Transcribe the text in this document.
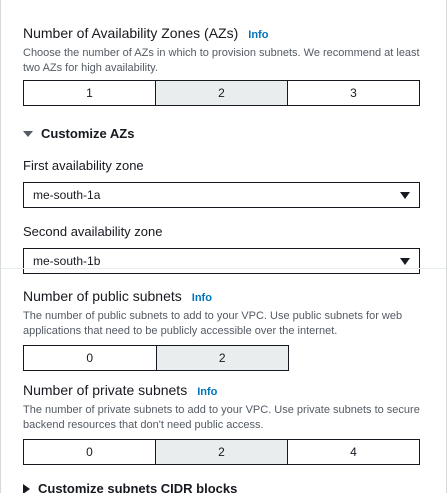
Number of Availability Zones (AZs) Info
Choose the number of AZs in which to provision subnets. We recommend at least two AZs for high availability.
1	2	3
Customize AZs
First availability zone
me-south-1a
Second availability zone
me-south-1b
Number of public subnets Info
The number of public subnets to add to your VPC. Use public subnets for web applications that need to be publicly accessible over the internet.
0	2
Number of private subnets Info
The number of private subnets to add to your VPC. Use private subnets to secure backend resources that don't need public access.
0	2	4
Customize subnets CIDR blocks
